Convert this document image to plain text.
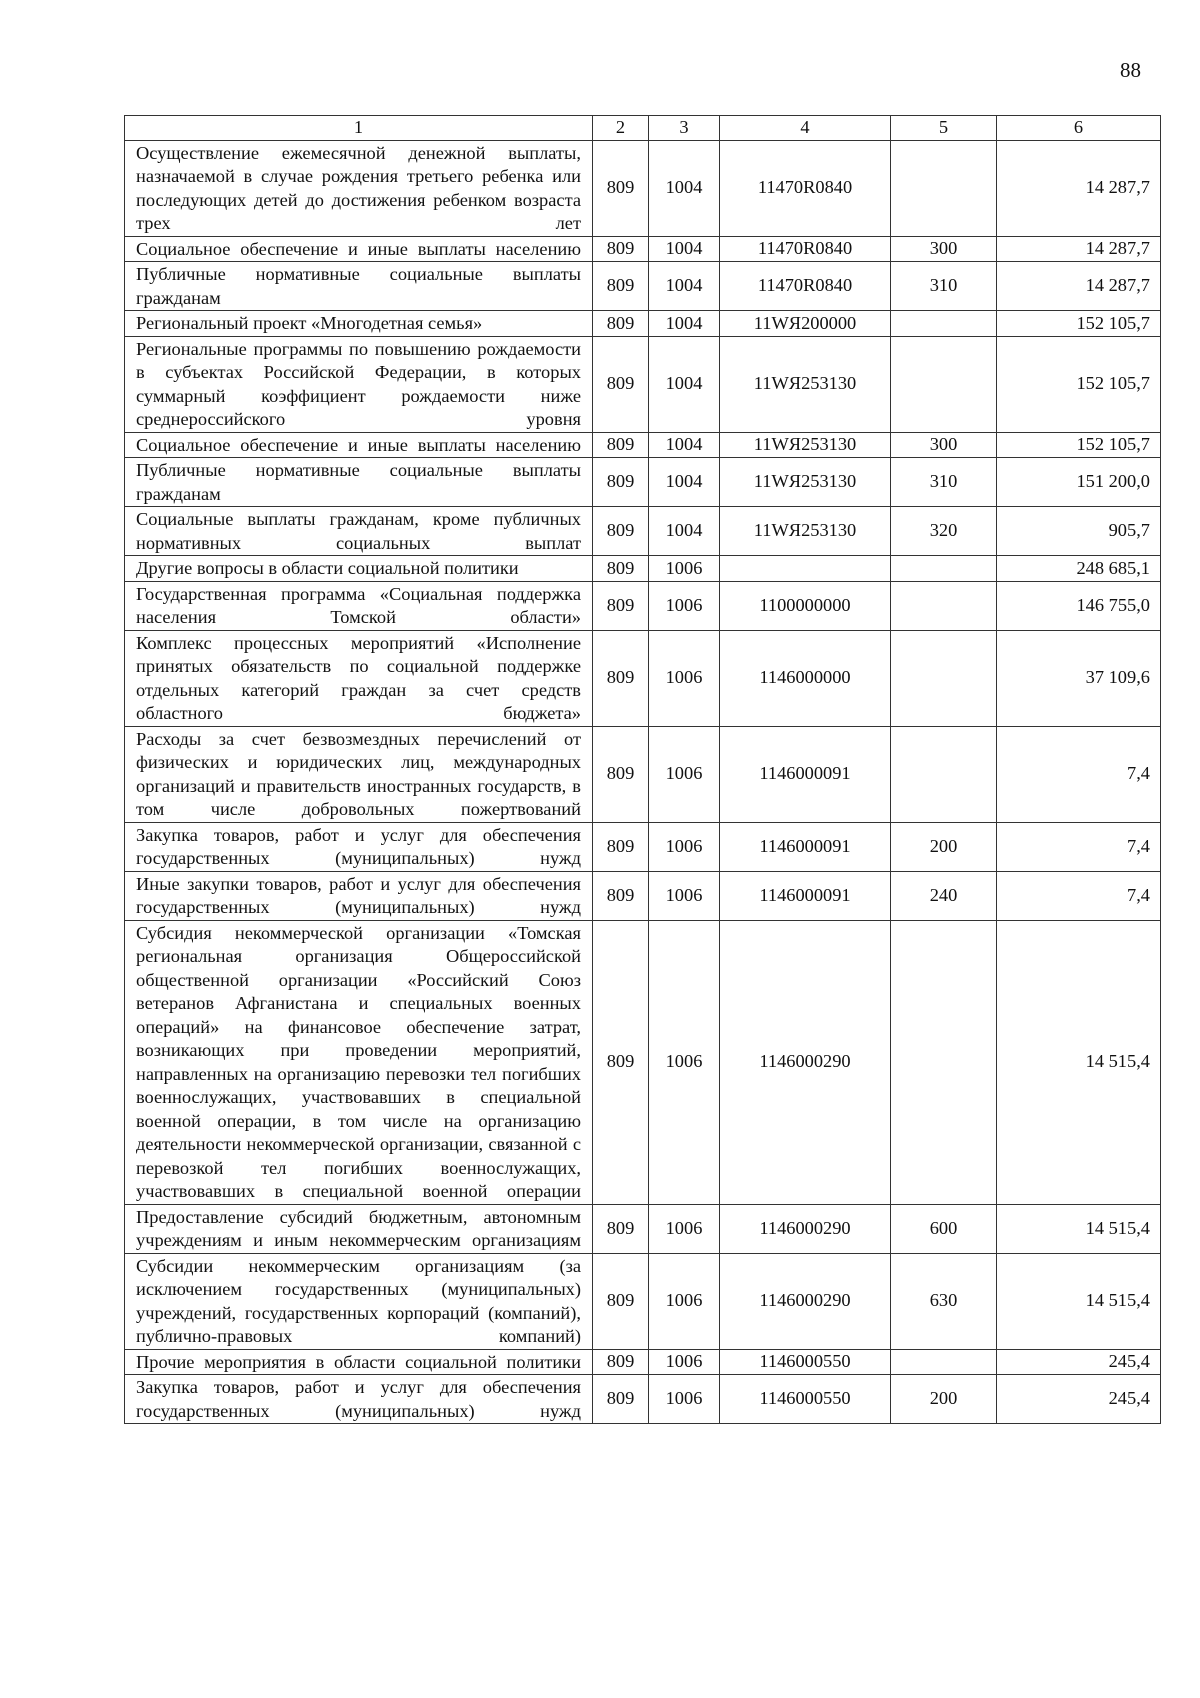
88
1	2	3	4	5	6
Осуществление ежемесячной денежной выплаты, назначаемой в случае рождения третьего ребенка или последующих детей до достижения ребенком возраста трех лет	809	1004	11470R0840		14 287,7
Социальное обеспечение и иные выплаты населению	809	1004	11470R0840	300	14 287,7
Публичные нормативные социальные выплаты гражданам	809	1004	11470R0840	310	14 287,7
Региональный проект «Многодетная семья»	809	1004	11WЯ200000		152 105,7
Региональные программы по повышению рождаемости в субъектах Российской Федерации, в которых суммарный коэффициент рождаемости ниже среднероссийского уровня	809	1004	11WЯ253130		152 105,7
Социальное обеспечение и иные выплаты населению	809	1004	11WЯ253130	300	152 105,7
Публичные нормативные социальные выплаты гражданам	809	1004	11WЯ253130	310	151 200,0
Социальные выплаты гражданам, кроме публичных нормативных социальных выплат	809	1004	11WЯ253130	320	905,7
Другие вопросы в области социальной политики	809	1006			248 685,1
Государственная программа «Социальная поддержка населения Томской области»	809	1006	1100000000		146 755,0
Комплекс процессных мероприятий «Исполнение принятых обязательств по социальной поддержке отдельных категорий граждан за счет средств областного бюджета»	809	1006	1146000000		37 109,6
Расходы за счет безвозмездных перечислений от физических и юридических лиц, международных организаций и правительств иностранных государств, в том числе добровольных пожертвований	809	1006	1146000091		7,4
Закупка товаров, работ и услуг для обеспечения государственных (муниципальных) нужд	809	1006	1146000091	200	7,4
Иные закупки товаров, работ и услуг для обеспечения государственных (муниципальных) нужд	809	1006	1146000091	240	7,4
Субсидия некоммерческой организации «Томская региональная организация Общероссийской общественной организации «Российский Союз ветеранов Афганистана и специальных военных операций» на финансовое обеспечение затрат, возникающих при проведении мероприятий, направленных на организацию перевозки тел погибших военнослужащих, участвовавших в специальной военной операции, в том числе на организацию деятельности некоммерческой организации, связанной с перевозкой тел погибших военнослужащих, участвовавших в специальной военной операции	809	1006	1146000290		14 515,4
Предоставление субсидий бюджетным, автономным учреждениям и иным некоммерческим организациям	809	1006	1146000290	600	14 515,4
Субсидии некоммерческим организациям (за исключением государственных (муниципальных) учреждений, государственных корпораций (компаний), публично-правовых компаний)	809	1006	1146000290	630	14 515,4
Прочие мероприятия в области социальной политики	809	1006	1146000550		245,4
Закупка товаров, работ и услуг для обеспечения государственных (муниципальных) нужд	809	1006	1146000550	200	245,4
